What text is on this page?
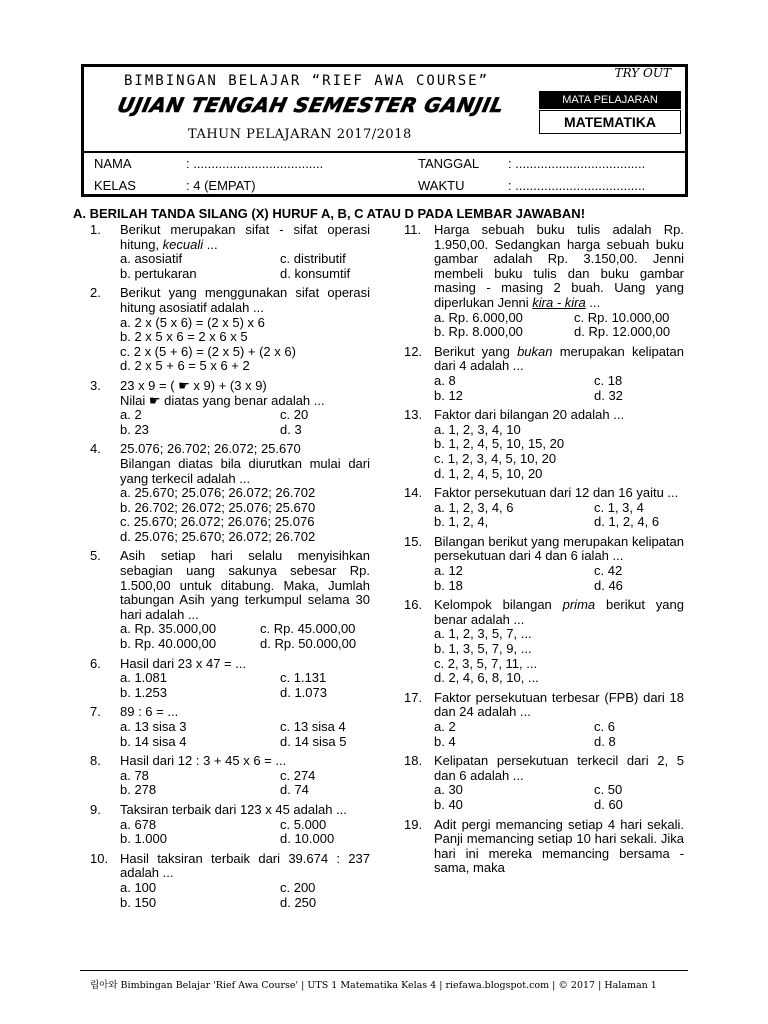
BIMBINGAN BELAJAR “RIEF AWA COURSE”
UJIAN TENGAH SEMESTER GANJIL
TAHUN PELAJARAN 2017/2018
TRY OUT
MATA PELAJARAN
MATEMATIKA
NAMA	: ....................................
KELAS	: 4 (EMPAT)
TANGGAL : ....................................
WAKTU	: ....................................
A. BERILAH TANDA SILANG (X) HURUF A, B, C ATAU D PADA LEMBAR JAWABAN!
1. Berikut merupakan sifat - sifat operasi hitung, kecuali ...
a. asosiatif	c. distributif
b. pertukaran	d. konsumtif
2. Berikut yang menggunakan sifat operasi hitung asosiatif adalah ...
a. 2 x (5 x 6) = (2 x 5) x 6
b. 2 x 5 x 6 = 2 x 6 x 5
c. 2 x (5 + 6) = (2 x 5) + (2 x 6)
d. 2 x 5 + 6 = 5 x 6 + 2
3. 23 x 9 = ( ☛ x 9) + (3 x 9)
Nilai ☛ diatas yang benar adalah ...
a. 2	c. 20
b. 23	d. 3
4. 25.076; 26.702; 26.072; 25.670
Bilangan diatas bila diurutkan mulai dari yang terkecil adalah ...
a. 25.670; 25.076; 26.072; 26.702
b. 26.702; 26.072; 25.076; 25.670
c. 25.670; 26.072; 26.076; 25.076
d. 25.076; 25.670; 26.072; 26.702
5. Asih setiap hari selalu menyisihkan sebagian uang sakunya sebesar Rp. 1.500,00 untuk ditabung. Maka, Jumlah tabungan Asih yang terkumpul selama 30 hari adalah ...
a. Rp. 35.000,00	c. Rp. 45.000,00
b. Rp. 40.000,00	d. Rp. 50.000,00
6. Hasil dari 23 x 47 = ...
a. 1.081	c. 1.131
b. 1.253	d. 1.073
7. 89 : 6 = ...
a. 13 sisa 3	c. 13 sisa 4
b. 14 sisa 4	d. 14 sisa 5
8. Hasil dari 12 : 3 + 45 x 6 = ...
a. 78	c. 274
b. 278	d. 74
9. Taksiran terbaik dari 123 x 45 adalah ...
a. 678	c. 5.000
b. 1.000	d. 10.000
10. Hasil taksiran terbaik dari 39.674 : 237 adalah ...
a. 100	c. 200
b. 150	d. 250
11. Harga sebuah buku tulis adalah Rp. 1.950,00. Sedangkan harga sebuah buku gambar adalah Rp. 3.150,00. Jenni membeli buku tulis dan buku gambar masing - masing 2 buah. Uang yang diperlukan Jenni kira - kira ...
a. Rp. 6.000,00	c. Rp. 10.000,00
b. Rp. 8.000,00	d. Rp. 12.000,00
12. Berikut yang bukan merupakan kelipatan dari 4 adalah ...
a. 8	c. 18
b. 12	d. 32
13. Faktor dari bilangan 20 adalah ...
a. 1, 2, 3, 4, 10
b. 1, 2, 4, 5, 10, 15, 20
c. 1, 2, 3, 4, 5, 10, 20
d. 1, 2, 4, 5, 10, 20
14. Faktor persekutuan dari 12 dan 16 yaitu ...
a. 1, 2, 3, 4, 6	c. 1, 3, 4
b. 1, 2, 4,	d. 1, 2, 4, 6
15. Bilangan berikut yang merupakan kelipatan persekutuan dari 4 dan 6 ialah ...
a. 12	c. 42
b. 18	d. 46
16. Kelompok bilangan prima berikut yang benar adalah ...
a. 1, 2, 3, 5, 7, ...
b. 1, 3, 5, 7, 9, ...
c. 2, 3, 5, 7, 11, ...
d. 2, 4, 6, 8, 10, ...
17. Faktor persekutuan terbesar (FPB) dari 18 dan 24 adalah ...
a. 2	c. 6
b. 4	d. 8
18. Kelipatan persekutuan terkecil dari 2, 5 dan 6 adalah ...
a. 30	c. 50
b. 40	d. 60
19. Adit pergi memancing setiap 4 hari sekali. Panji memancing setiap 10 hari sekali. Jika hari ini mereka memancing bersama - sama, maka
립아와 Bimbingan Belajar 'Rief Awa Course' | UTS 1 Matematika Kelas 4 | riefawa.blogspot.com | © 2017 | Halaman 1
